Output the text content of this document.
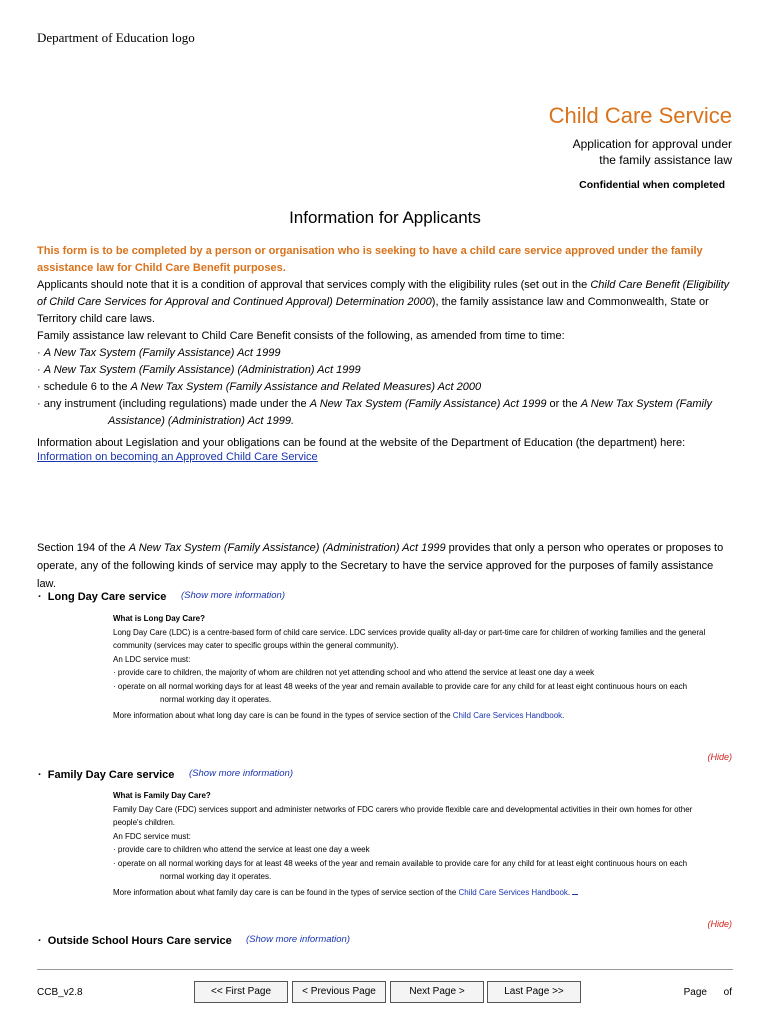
Department of Education logo
Child Care Service
Application for approval under
the family assistance law
Confidential when completed
Information for Applicants

This form is to be completed by a person or organisation who is seeking to have a child care service approved under the family assistance law for Child Care Benefit purposes.

Applicants should note that it is a condition of approval that services comply with the eligibility rules (set out in the Child Care Benefit (Eligibility of Child Care Services for Approval and Continued Approval) Determination 2000), the family assistance law and Commonwealth, State or Territory child care laws.

Family assistance law relevant to Child Care Benefit consists of the following, as amended from time to time:

· A New Tax System (Family Assistance) Act 1999

· A New Tax System (Family Assistance) (Administration) Act 1999

· schedule 6 to the A New Tax System (Family Assistance and Related Measures) Act 2000

· any instrument (including regulations) made under the A New Tax System (Family Assistance) Act 1999 or the A New Tax System (Family

Assistance) (Administration) Act 1999.

Information about Legislation and your obligations can be found at the website of the Department of Education (the department) here: Information on becoming an Approved Child Care Service

Section 194 of the A New Tax System (Family Assistance) (Administration) Act 1999 provides that only a person who operates or proposes to operate, any of the following kinds of service may apply to the Secretary to have the service approved for the purposes of family assistance law.
·  Long Day Care service (Show more information)

What is Long Day Care?

Long Day Care (LDC) is a centre-based form of child care service. LDC services provide quality all-day or part-time care for children of working families and the general community (services may cater to specific groups within the general community).

An LDC service must:

· provide care to children, the majority of whom are children not yet attending school and who attend the service at least one day a week

· operate on all normal working days for at least 48 weeks of the year and remain available to provide care for any child for at least eight continuous hours on each

normal working day it operates.

More information about what long day care is can be found in the types of service section of the Child Care Services Handbook.

(Hide)
·  Family Day Care service (Show more information)

What is Family Day Care?

Family Day Care (FDC) services support and administer networks of FDC carers who provide flexible care and developmental activities in their own homes for other people's children.

An FDC service must:

· provide care to children who attend the service at least one day a week

· operate on all normal working days for at least 48 weeks of the year and remain available to provide care for any child for at least eight continuous hours on each

normal working day it operates.

More information about what family day care is can be found in the types of service section of the Child Care Services Handbook.

(Hide)
·  Outside School Hours Care service (Show more information)
CCB_v2.8	<< First Page	< Previous Page	Next Page >	Last Page >>	Page      of
